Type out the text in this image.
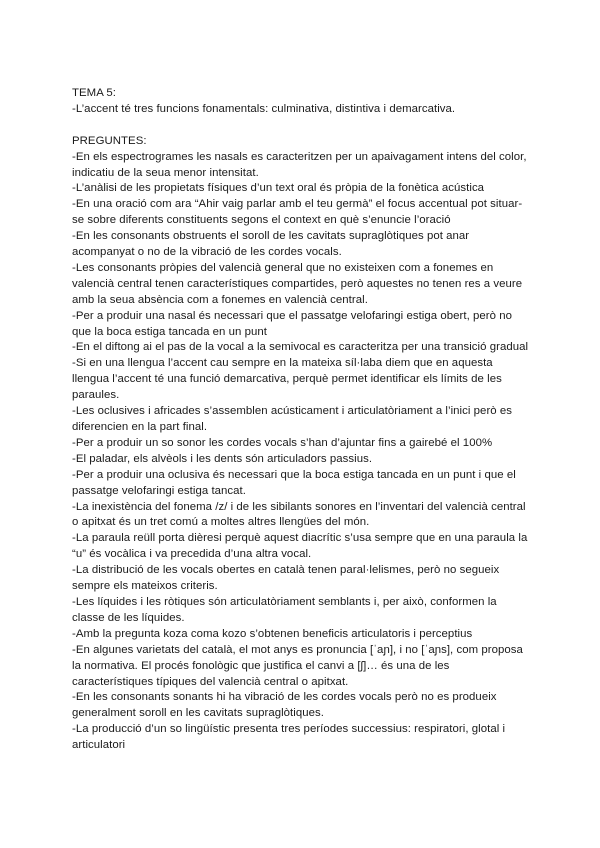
TEMA 5:

-L’accent té tres funcions fonamentals: culminativa, distintiva i demarcativa.

PREGUNTES:

-En els espectrogrames les nasals es caracteritzen per un apaivagament intens del color, indicatiu de la seua menor intensitat.

-L’anàlisi de les propietats físiques d’un text oral és pròpia de la fonètica acústica

-En una oració com ara “Ahir vaig parlar amb el teu germà” el focus accentual pot situar-se sobre diferents constituents segons el context en què s’enuncie l’oració

-En les consonants obstruents el soroll de les cavitats supraglòtiques pot anar acompanyat o no de la vibració de les cordes vocals.

-Les consonants pròpies del valencià general que no existeixen com a fonemes en valencià central tenen característiques compartides, però aquestes no tenen res a veure amb la seua absència com a fonemes en valencià central.

-Per a produir una nasal és necessari que el passatge velofaringi estiga obert, però no que la boca estiga tancada en un punt

-En el diftong ai el pas de la vocal a la semivocal es caracteritza per una transició gradual

-Si en una llengua l’accent cau sempre en la mateixa síl·laba diem que en aquesta llengua l’accent té una funció demarcativa, perquè permet identificar els límits de les paraules.

-Les oclusives i africades s’assemblen acústicament i articulatòriament a l’inici però es diferencien en la part final.

-Per a produir un so sonor les cordes vocals s’han d’ajuntar fins a gairebé el 100%

-El paladar, els alvèols i les dents són articuladors passius.

-Per a produir una oclusiva és necessari que la boca estiga tancada en un punt i que el passatge velofaringi estiga tancat.

-La inexistència del fonema /z/ i de les sibilants sonores en l’inventari del valencià central o apitxat és un tret comú a moltes altres llengües del món.

-La paraula reüll porta dièresi perquè aquest diacrític s’usa sempre que en una paraula la “u” és vocàlica i va precedida d’una altra vocal.

-La distribució de les vocals obertes en català tenen paral·lelismes, però no segueix sempre els mateixos criteris.

-Les líquides i les ròtiques són articulatòriament semblants i, per això, conformen la classe de les líquides.

-Amb la pregunta koza coma kozo s’obtenen beneficis articulatoris i perceptius

-En algunes varietats del català, el mot anys es pronuncia [ˈaɲ], i no [ˈaɲs], com proposa la normativa. El procés fonològic que justifica el canvi a [ʃ]… és una de les característiques típiques del valencià central o apitxat.

-En les consonants sonants hi ha vibració de les cordes vocals però no es produeix generalment soroll en les cavitats supraglòtiques.

-La producció d’un so lingüístic presenta tres períodes successius: respiratori, glotal i articulatori
